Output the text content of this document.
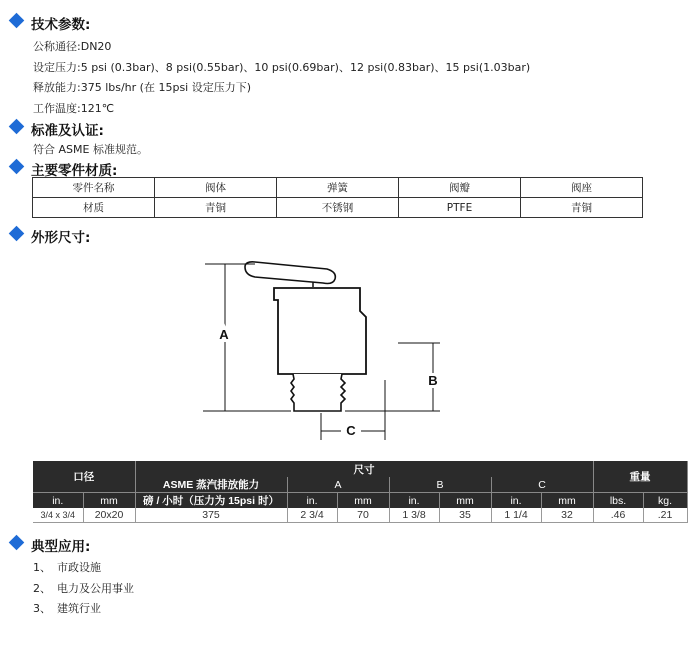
技术参数:
公称通径:DN20
设定压力:5 psi (0.3bar)、8 psi(0.55bar)、10 psi(0.69bar)、12 psi(0.83bar)、15 psi(1.03bar)
释放能力:375 lbs/hr (在 15psi 设定压力下)
工作温度:121℃
标准及认证:
符合 ASME 标准规范。
主要零件材质:
零件名称	阀体	弹簧	阀瓣	阀座
材质	青铜	不锈钢	PTFE	青铜
外形尺寸:
A
B
C
口径		尺寸							重量	
		ASME 蒸汽排放能力	A		B		C			
in.	mm	磅 / 小时（压力为 15psi 时）	in.	mm	in.	mm	in.	mm	lbs.	kg.
3/4 x 3/4	20x20	375	2 3/4	70	1 3/8	35	1 1/4	32	.46	.21
典型应用:
1、 市政设施
2、 电力及公用事业
3、 建筑行业
